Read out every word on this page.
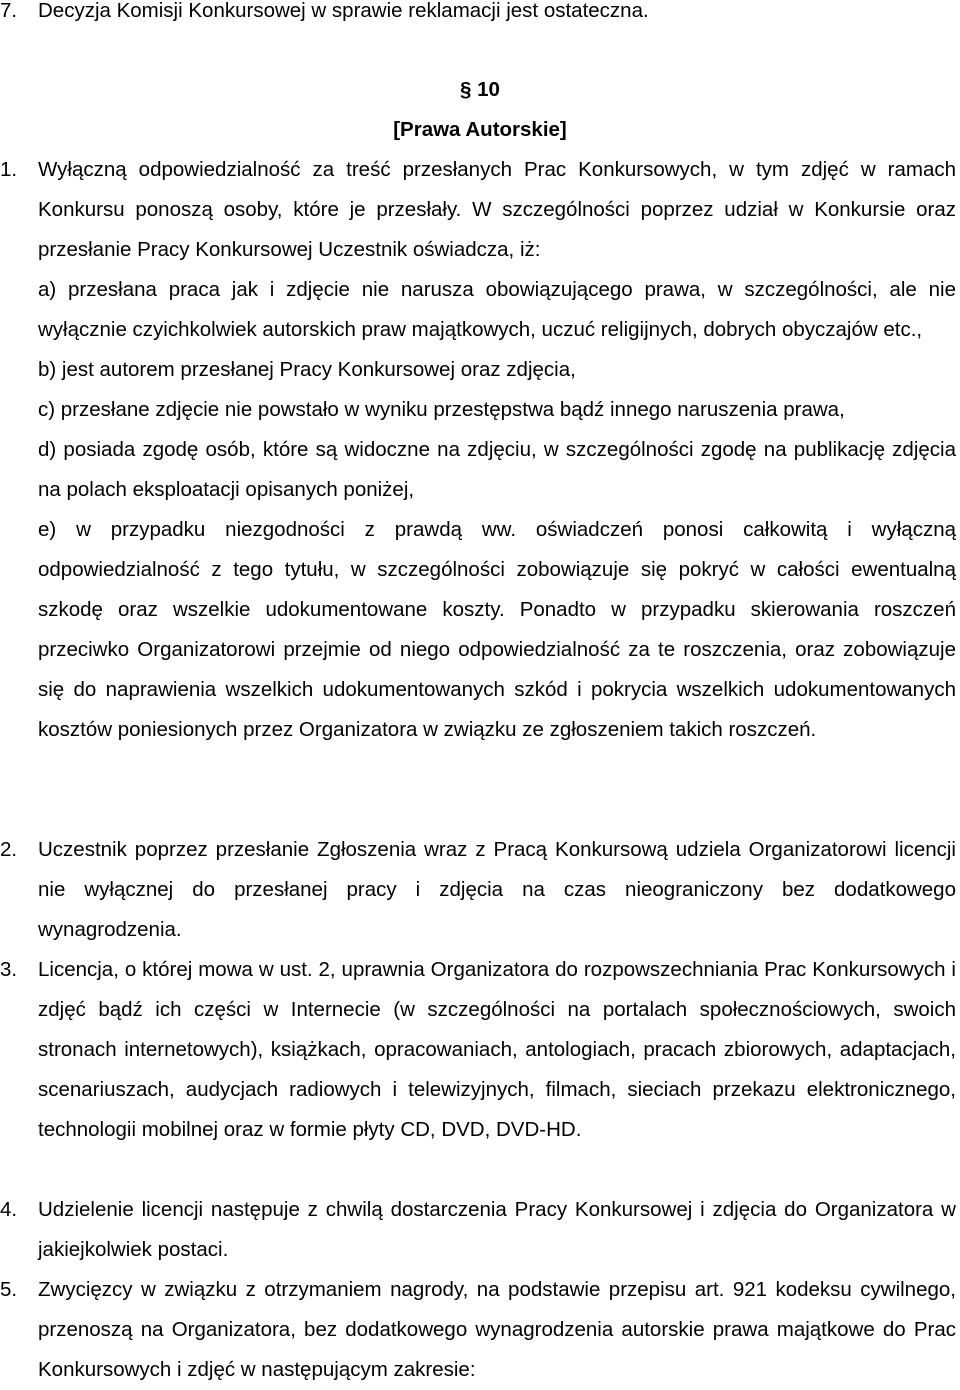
7. Decyzja Komisji Konkursowej w sprawie reklamacji jest ostateczna.
§ 10
[Prawa Autorskie]
1. Wyłączną odpowiedzialność za treść przesłanych Prac Konkursowych, w tym zdjęć w ramach Konkursu ponoszą osoby, które je przesłały. W szczególności poprzez udział w Konkursie oraz przesłanie Pracy Konkursowej Uczestnik oświadcza, iż:

a) przesłana praca jak i zdjęcie nie narusza obowiązującego prawa, w szczególności, ale nie wyłącznie czyichkolwiek autorskich praw majątkowych, uczuć religijnych, dobrych obyczajów etc.,

b) jest autorem przesłanej Pracy Konkursowej oraz zdjęcia,

c) przesłane zdjęcie nie powstało w wyniku przestępstwa bądź innego naruszenia prawa,

d) posiada zgodę osób, które są widoczne na zdjęciu, w szczególności zgodę na publikację zdjęcia na polach eksploatacji opisanych poniżej,

e) w przypadku niezgodności z prawdą ww. oświadczeń ponosi całkowitą i wyłączną odpowiedzialność z tego tytułu, w szczególności zobowiązuje się pokryć w całości ewentualną szkodę oraz wszelkie udokumentowane koszty. Ponadto w przypadku skierowania roszczeń przeciwko Organizatorowi przejmie od niego odpowiedzialność za te roszczenia, oraz zobowiązuje się do naprawienia wszelkich udokumentowanych szkód i pokrycia wszelkich udokumentowanych kosztów poniesionych przez Organizatora w związku ze zgłoszeniem takich roszczeń.

2. Uczestnik poprzez przesłanie Zgłoszenia wraz z Pracą Konkursową udziela Organizatorowi licencji nie wyłącznej do przesłanej pracy i zdjęcia na czas nieograniczony bez dodatkowego wynagrodzenia.
3. Licencja, o której mowa w ust. 2, uprawnia Organizatora do rozpowszechniania Prac Konkursowych i zdjęć bądź ich części w Internecie (w szczególności na portalach społecznościowych, swoich stronach internetowych), książkach, opracowaniach, antologiach, pracach zbiorowych, adaptacjach, scenariuszach, audycjach radiowych i telewizyjnych, filmach, sieciach przekazu elektronicznego, technologii mobilnej oraz w formie płyty CD, DVD, DVD-HD.
4. Udzielenie licencji następuje z chwilą dostarczenia Pracy Konkursowej i zdjęcia do Organizatora w jakiejkolwiek postaci.
5. Zwycięzcy w związku z otrzymaniem nagrody, na podstawie przepisu art. 921 kodeksu cywilnego, przenoszą na Organizatora, bez dodatkowego wynagrodzenia autorskie prawa majątkowe do Prac Konkursowych i zdjęć w następującym zakresie:
